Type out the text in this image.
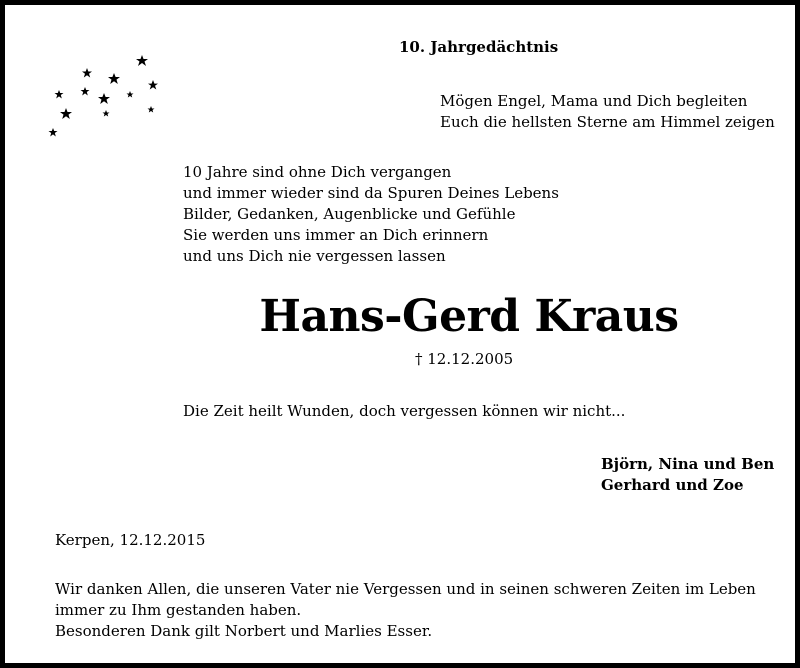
10. Jahrgedächtnis
Mögen Engel, Mama und Dich begleiten
Euch die hellsten Sterne am Himmel zeigen
10 Jahre sind ohne Dich vergangen
und immer wieder sind da Spuren Deines Lebens
Bilder, Gedanken, Augenblicke und Gefühle
Sie werden uns immer an Dich erinnern
und uns Dich nie vergessen lassen
Hans-Gerd Kraus
† 12.12.2005
Die Zeit heilt Wunden, doch vergessen können wir nicht...
Björn, Nina und Ben
Gerhard und Zoe
Kerpen, 12.12.2015
Wir danken Allen, die unseren Vater nie Vergessen und in seinen schweren Zeiten im Leben immer zu Ihm gestanden haben.
Besonderen Dank gilt Norbert und Marlies Esser.
